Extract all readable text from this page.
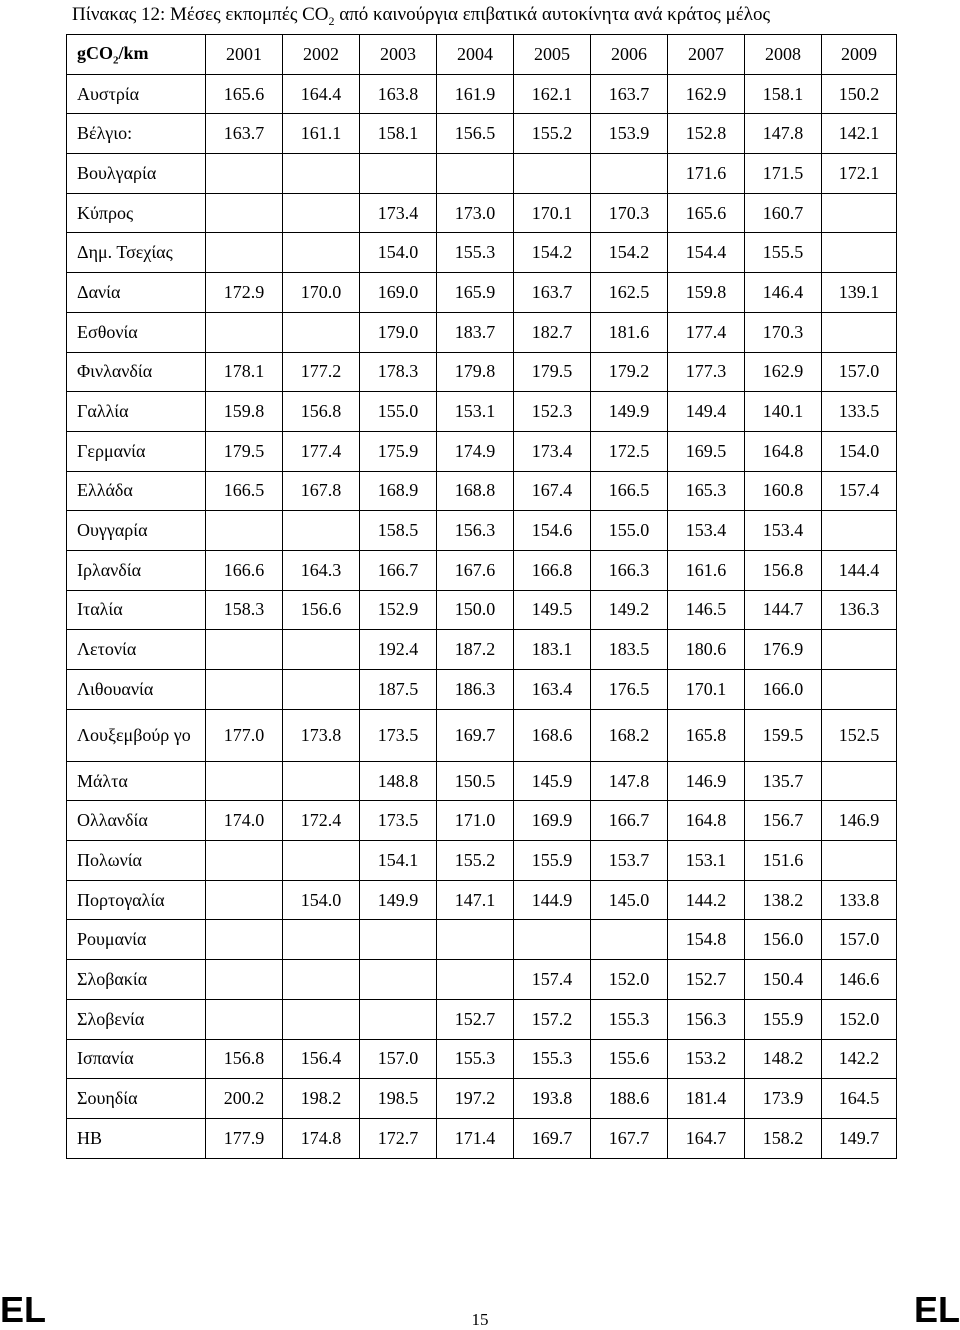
Πίνακας 12: Μέσες εκπομπές $CO_2$ από καινούργια επιβατικά αυτοκίνητα ανά κράτος μέλος
gCO$_2$/km	2001	2002	2003	2004	2005	2006	2007	2008	2009
Αυστρία	165.6	164.4	163.8	161.9	162.1	163.7	162.9	158.1	150.2
Βέλγιο:	163.7	161.1	158.1	156.5	155.2	153.9	152.8	147.8	142.1
Βουλγαρία							171.6	171.5	172.1
Κύπρος			173.4	173.0	170.1	170.3	165.6	160.7	
Δημ. Τσεχίας			154.0	155.3	154.2	154.2	154.4	155.5	
Δανία	172.9	170.0	169.0	165.9	163.7	162.5	159.8	146.4	139.1
Εσθονία			179.0	183.7	182.7	181.6	177.4	170.3	
Φινλανδία	178.1	177.2	178.3	179.8	179.5	179.2	177.3	162.9	157.0
Γαλλία	159.8	156.8	155.0	153.1	152.3	149.9	149.4	140.1	133.5
Γερμανία	179.5	177.4	175.9	174.9	173.4	172.5	169.5	164.8	154.0
Ελλάδα	166.5	167.8	168.9	168.8	167.4	166.5	165.3	160.8	157.4
Ουγγαρία			158.5	156.3	154.6	155.0	153.4	153.4	
Ιρλανδία	166.6	164.3	166.7	167.6	166.8	166.3	161.6	156.8	144.4
Ιταλία	158.3	156.6	152.9	150.0	149.5	149.2	146.5	144.7	136.3
Λετονία			192.4	187.2	183.1	183.5	180.6	176.9	
Λιθουανία			187.5	186.3	163.4	176.5	170.1	166.0	
Λουξεμβούρ γο	177.0	173.8	173.5	169.7	168.6	168.2	165.8	159.5	152.5
Μάλτα			148.8	150.5	145.9	147.8	146.9	135.7	
Ολλανδία	174.0	172.4	173.5	171.0	169.9	166.7	164.8	156.7	146.9
Πολωνία			154.1	155.2	155.9	153.7	153.1	151.6	
Πορτογαλία		154.0	149.9	147.1	144.9	145.0	144.2	138.2	133.8
Ρουμανία							154.8	156.0	157.0
Σλοβακία					157.4	152.0	152.7	150.4	146.6
Σλοβενία				152.7	157.2	155.3	156.3	155.9	152.0
Ισπανία	156.8	156.4	157.0	155.3	155.3	155.6	153.2	148.2	142.2
Σουηδία	200.2	198.2	198.5	197.2	193.8	188.6	181.4	173.9	164.5
ΗΒ	177.9	174.8	172.7	171.4	169.7	167.7	164.7	158.2	149.7
EL	15	EL
